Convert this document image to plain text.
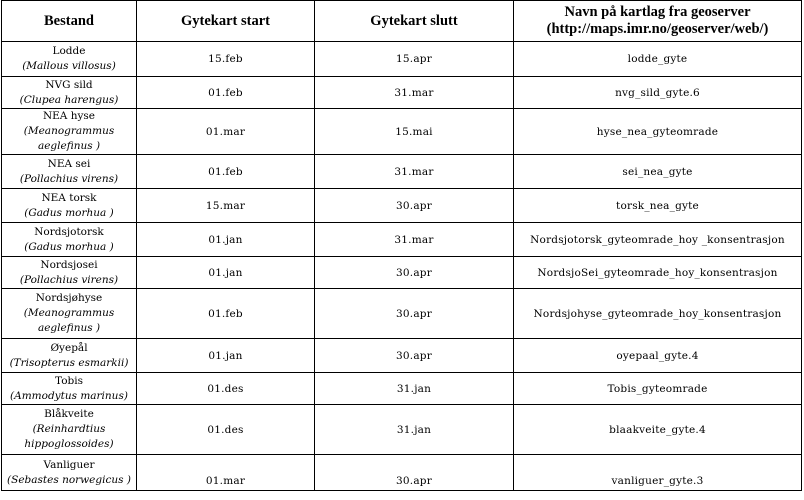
Bestand	Gytekart start	Gytekart slutt	Navn på kartlag fra geoserver
(http://maps.imr.no/geoserver/web/)

Lodde
(Mallous villosus)	15.feb	15.apr	lodde_gyte

NVG sild
(Clupea harengus)	01.feb	31.mar	nvg_sild_gyte.6

NEA hyse
(Meanogrammus aeglefinus )	01.mar	15.mai	hyse_nea_gyteomrade

NEA sei
(Pollachius virens)	01.feb	31.mar	sei_nea_gyte

NEA torsk
(Gadus morhua )	15.mar	30.apr	torsk_nea_gyte

Nordsjotorsk
(Gadus morhua )	01.jan	31.mar	Nordsjotorsk_gyteomrade_hoy _konsentrasjon

Nordsjosei
(Pollachius virens)	01.jan	30.apr	NordsjoSei_gyteomrade_hoy_konsentrasjon

Nordsjøhyse
(Meanogrammus aeglefinus )	01.feb	30.apr	Nordsjohyse_gyteomrade_hoy_konsentrasjon

Øyepål
(Trisopterus esmarkii)	01.jan	30.apr	oyepaal_gyte.4

Tobis
(Ammodytus marinus)	01.des	31.jan	Tobis_gyteomrade

Blåkveite
(Reinhardtius hippoglossoides)	01.des	31.jan	blaakveite_gyte.4

Vanliguer
(Sebastes norwegicus )	01.mar	30.apr	vanliguer_gyte.3
